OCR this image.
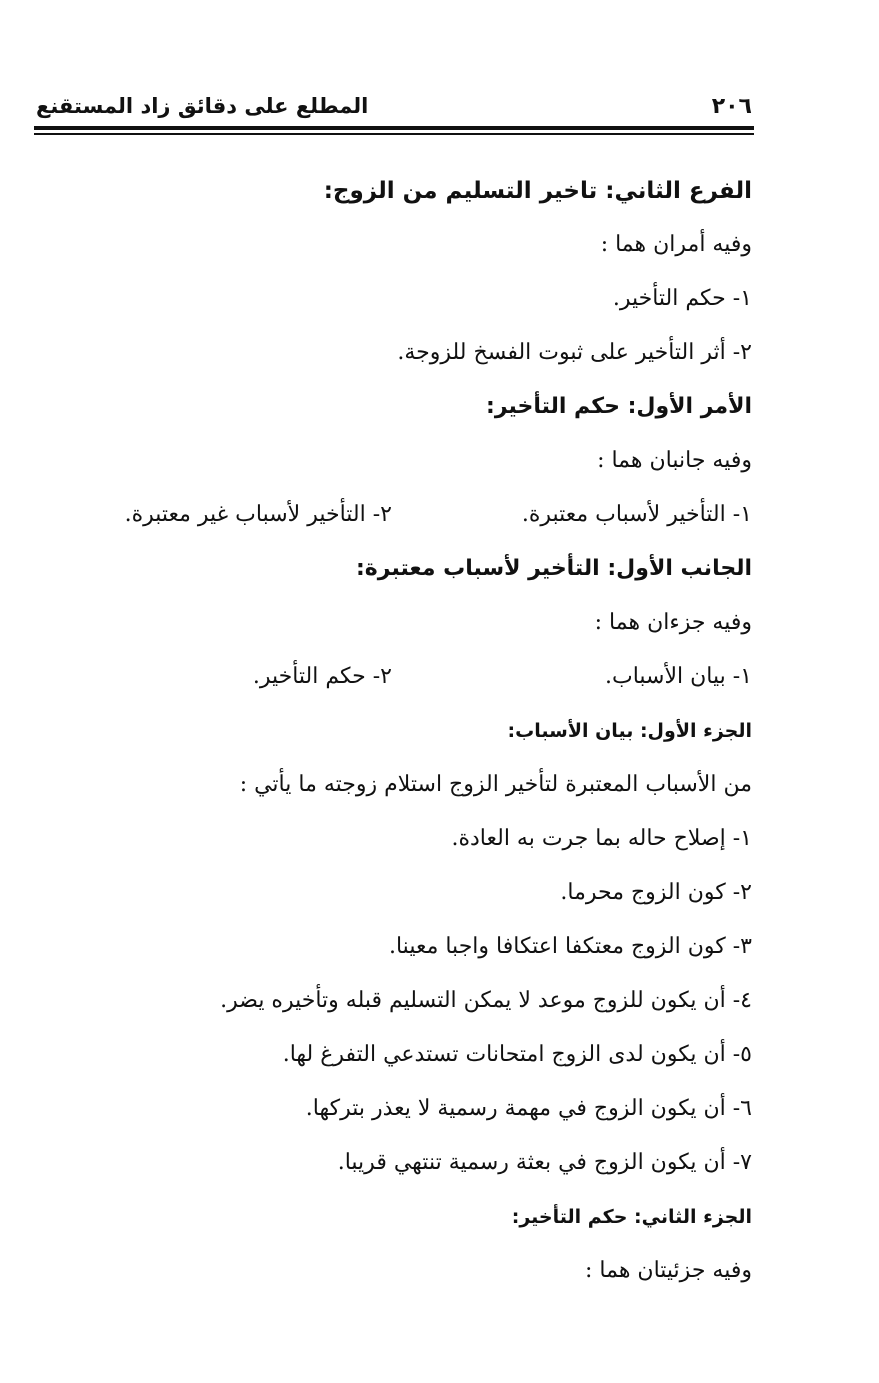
٢٠٦
المطلع على دقائق زاد المستقنع
الفرع الثاني: تاخير التسليم من الزوج:
وفيه أمران هما :
١- حكم التأخير.
٢- أثر التأخير على ثبوت الفسخ للزوجة.
الأمر الأول: حكم التأخير:
وفيه جانبان هما :
١- التأخير لأسباب معتبرة.
٢- التأخير لأسباب غير معتبرة.
الجانب الأول: التأخير لأسباب معتبرة:
وفيه جزءان هما :
١- بيان الأسباب.
٢- حكم التأخير.
الجزء الأول: بيان الأسباب:
من الأسباب المعتبرة لتأخير الزوج استلام زوجته ما يأتي :
١- إصلاح حاله بما جرت به العادة.
٢- كون الزوج محرما.
٣- كون الزوج معتكفا اعتكافا واجبا معينا.
٤- أن يكون للزوج موعد لا يمكن التسليم قبله وتأخيره يضر.
٥- أن يكون لدى الزوج امتحانات تستدعي التفرغ لها.
٦- أن يكون الزوج في مهمة رسمية لا يعذر بتركها.
٧- أن يكون الزوج في بعثة رسمية تنتهي قريبا.
الجزء الثاني: حكم التأخير:
وفيه جزئيتان هما :
